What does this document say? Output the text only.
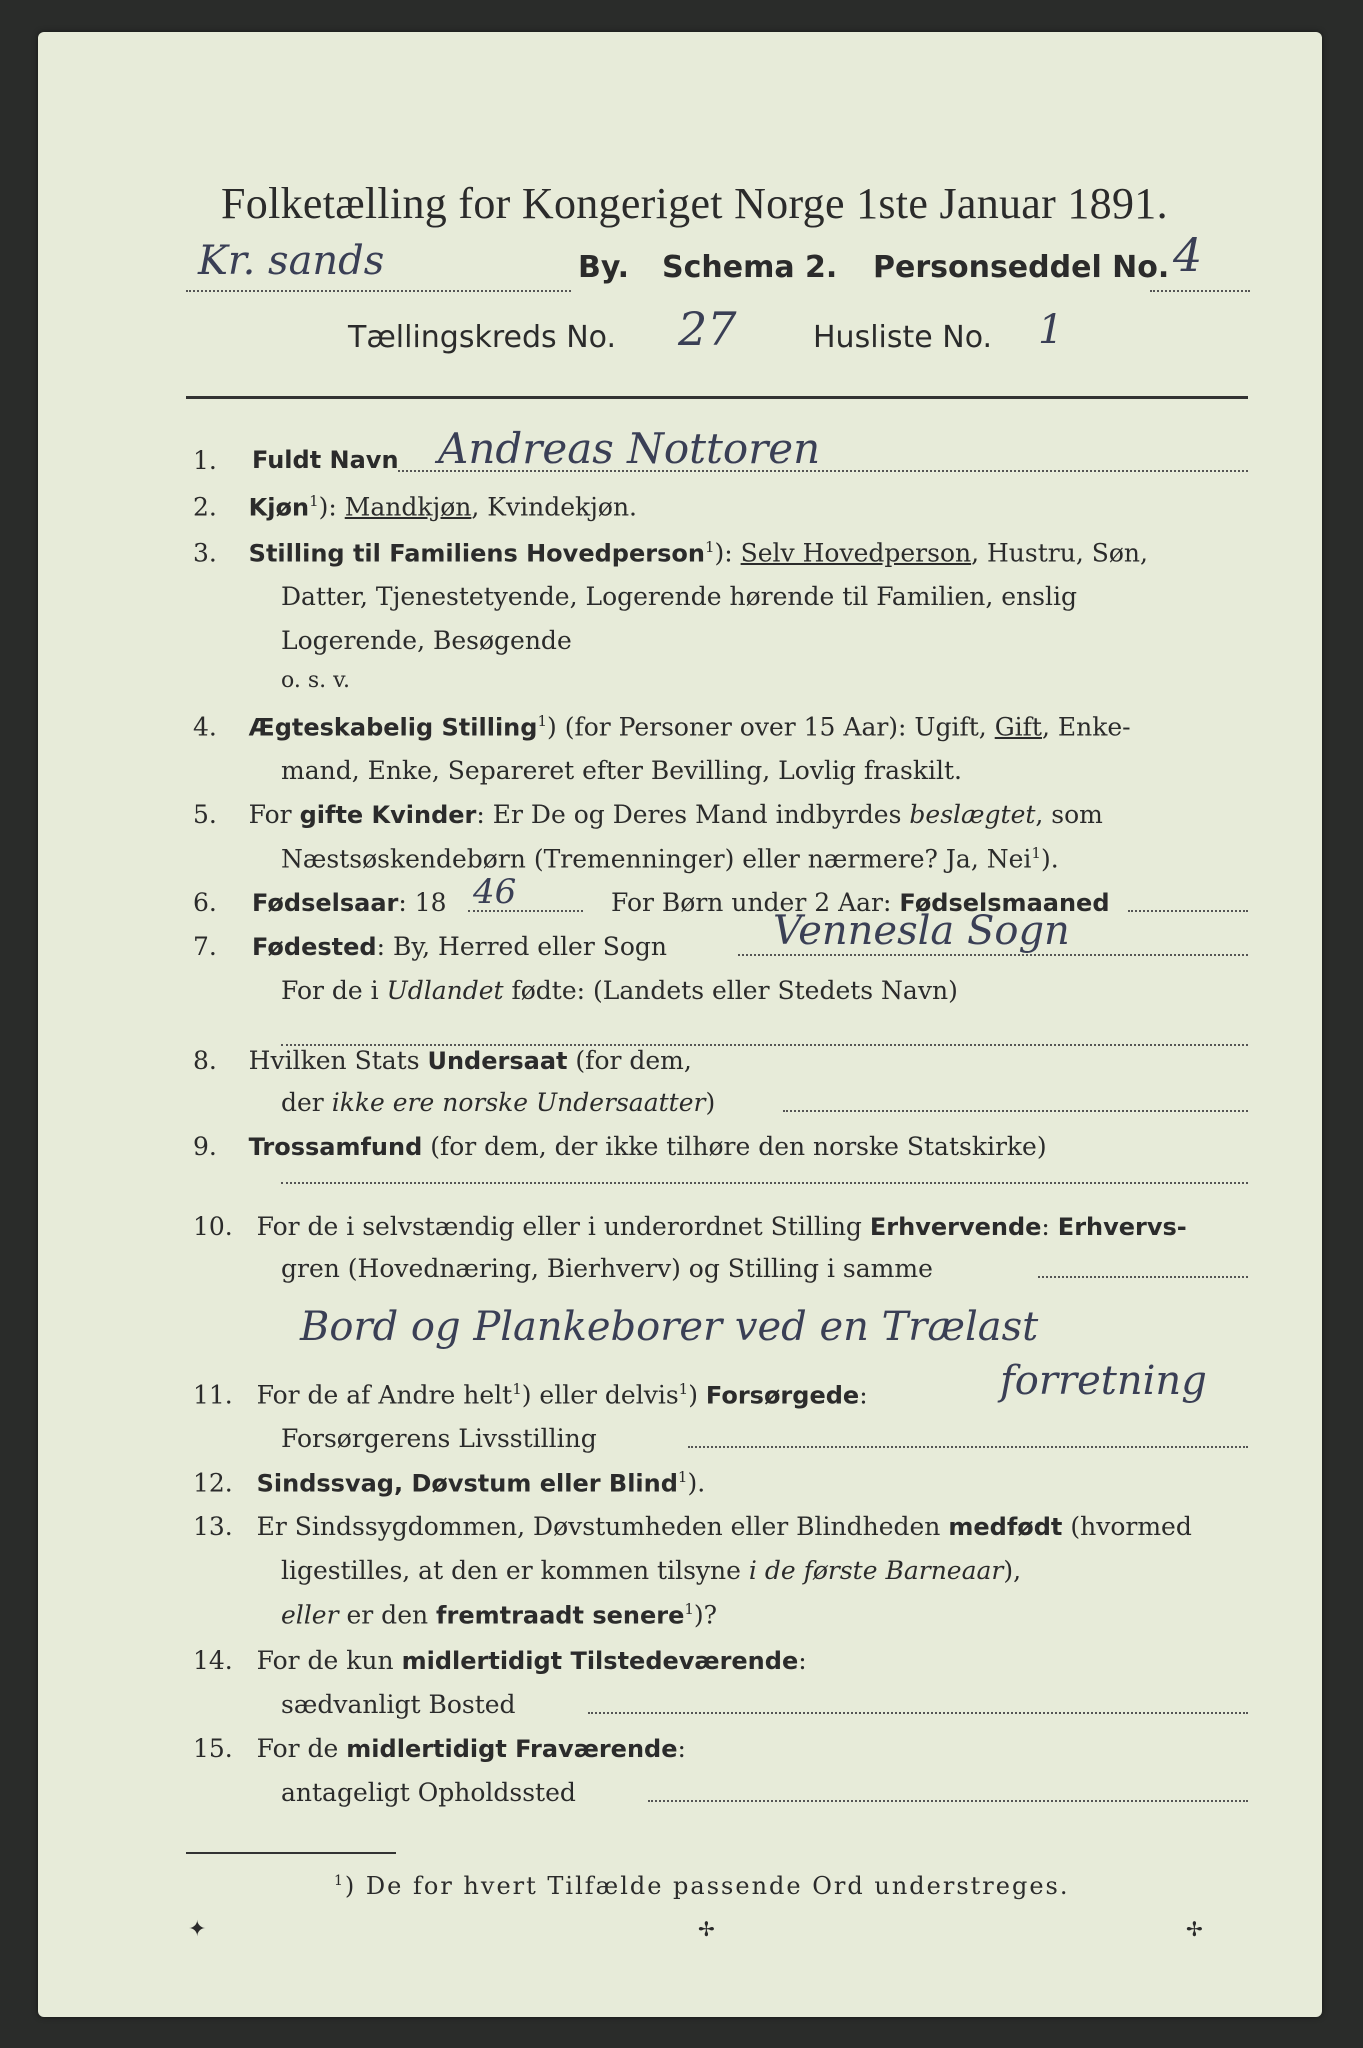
Folketælling for Kongeriget Norge 1ste Januar 1891.
Kr. sands	By. Schema 2. Personseddel No. 4
Tællingskreds No. 27	Husliste No. 1
1. Fuldt Navn Andreas Nottoren
2. Kjøn$^1$): Mandkjøn, Kvindekjøn.
3. Stilling til Familiens Hovedperson$^1$): Selv Hovedperson, Hustru, Søn,
Datter, Tjenestetyende, Logerende hørende til Familien, enslig
Logerende, Besøgende
o. s. v.
4. Ægteskabelig Stilling$^1$) (for Personer over 15 Aar): Ugift, Gift, Enke-
mand, Enke, Separeret efter Bevilling, Lovlig fraskilt.
5. For gifte Kvinder: Er De og Deres Mand indbyrdes beslægtet, som
Næstsøskendebørn (Tremenninger) eller nærmere? Ja, Nei$^1$).
6. Fødselsaar: 18 46	For Børn under 2 Aar: Fødselsmaaned
7. Fødested: By, Herred eller Sogn	Vennesla Sogn
For de i Udlandet fødte: (Landets eller Stedets Navn)
8. Hvilken Stats Undersaat (for dem,
der ikke ere norske Undersaatter)
9. Trossamfund (for dem, der ikke tilhøre den norske Statskirke)
10. For de i selvstændig eller i underordnet Stilling Erhvervende: Erhvervs-
gren (Hovednæring, Bierhverv) og Stilling i samme
Bord og Plankeborer ved en Trælast
forretning
11. For de af Andre helt$^1$) eller delvis$^1$) Forsørgede:
Forsørgerens Livsstilling
12. Sindssvag, Døvstum eller Blind$^1$).
13. Er Sindssygdommen, Døvstumheden eller Blindheden medfødt (hvormed
ligestilles, at den er kommen tilsyne i de første Barneaar),
eller er den fremtraadt senere$^1$)?
14. For de kun midlertidigt Tilstedeværende:
sædvanligt Bosted
15. For de midlertidigt Fraværende:
antageligt Opholdssted
$^1$) De for hvert Tilfælde passende Ord understreges.
✦	✢	✢
